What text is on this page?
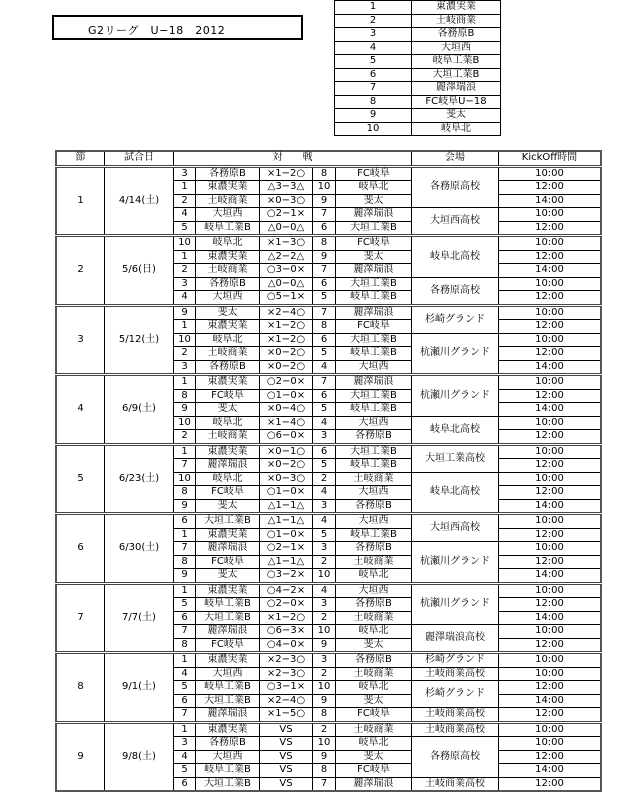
G2リーグ　U−18　2012
1	東濃実業
2	土岐商業
3	各務原B
4	大垣西
5	岐阜工業B
6	大垣工業B
7	麗澤瑞浪
8	FC岐阜U−18
9	斐太
10	岐阜北
節	試合日	対　　戦					会場	KickOff時間
1	4/14(土)	3	各務原B	×1−2○	8	FC岐阜	各務原高校	10:00
		1	東濃実業	△3−3△	10	岐阜北		12:00
		2	土岐商業	×0−3○	9	斐太		14:00
		4	大垣西	○2−1×	7	麗澤瑞浪	大垣西高校	10:00
		5	岐阜工業B	△0−0△	6	大垣工業B		12:00
2	5/6(日)	10	岐阜北	×1−3○	8	FC岐阜	岐阜北高校	10:00
		1	東濃実業	△2−2△	9	斐太		12:00
		2	土岐商業	○3−0×	7	麗澤瑞浪		14:00
		3	各務原B	△0−0△	6	大垣工業B	各務原高校	10:00
		4	大垣西	○5−1×	5	岐阜工業B		12:00
3	5/12(土)	9	斐太	×2−4○	7	麗澤瑞浪	杉崎グランド	10:00
		1	東濃実業	×1−2○	8	FC岐阜		12:00
		10	岐阜北	×1−2○	6	大垣工業B	杭瀬川グランド	10:00
		2	土岐商業	×0−2○	5	岐阜工業B		12:00
		3	各務原B	×0−2○	4	大垣西		14:00
4	6/9(土)	1	東濃実業	○2−0×	7	麗澤瑞浪	杭瀬川グランド	10:00
		8	FC岐阜	○1−0×	6	大垣工業B		12:00
		9	斐太	×0−4○	5	岐阜工業B		14:00
		10	岐阜北	×1−4○	4	大垣西	岐阜北高校	10:00
		2	土岐商業	○6−0×	3	各務原B		12:00
5	6/23(土)	1	東濃実業	×0−1○	6	大垣工業B	大垣工業高校	10:00
		7	麗澤瑞浪	×0−2○	5	岐阜工業B		12:00
		10	岐阜北	×0−3○	2	土岐商業	岐阜北高校	10:00
		8	FC岐阜	○1−0×	4	大垣西		12:00
		9	斐太	△1−1△	3	各務原B		14:00
6	6/30(土)	6	大垣工業B	△1−1△	4	大垣西	大垣西高校	10:00
		1	東濃実業	○1−0×	5	岐阜工業B		12:00
		7	麗澤瑞浪	○2−1×	3	各務原B	杭瀬川グランド	10:00
		8	FC岐阜	△1−1△	2	土岐商業		12:00
		9	斐太	○3−2×	10	岐阜北		14:00
7	7/7(土)	1	東濃実業	○4−2×	4	大垣西	杭瀬川グランド	10:00
		5	岐阜工業B	○2−0×	3	各務原B		12:00
		6	大垣工業B	×1−2○	2	土岐商業		14:00
		7	麗澤瑞浪	○6−3×	10	岐阜北	麗澤瑞浪高校	10:00
		8	FC岐阜	○4−0×	9	斐太		12:00
8	9/1(土)	1	東濃実業	×2−3○	3	各務原B	杉崎グランド	10:00
		4	大垣西	×2−3○	2	土岐商業	土岐商業高校	10:00
		5	岐阜工業B	○3−1×	10	岐阜北	杉崎グランド	12:00
		6	大垣工業B	×2−4○	9	斐太		14:00
		7	麗澤瑞浪	×1−5○	8	FC岐阜	土岐商業高校	12:00
9	9/8(土)	1	東濃実業	VS	2	土岐商業	土岐商業高校	10:00
		3	各務原B	VS	10	岐阜北	各務原高校	10:00
		4	大垣西	VS	9	斐太		12:00
		5	岐阜工業B	VS	8	FC岐阜		14:00
		6	大垣工業B	VS	7	麗澤瑞浪	土岐商業高校	12:00
